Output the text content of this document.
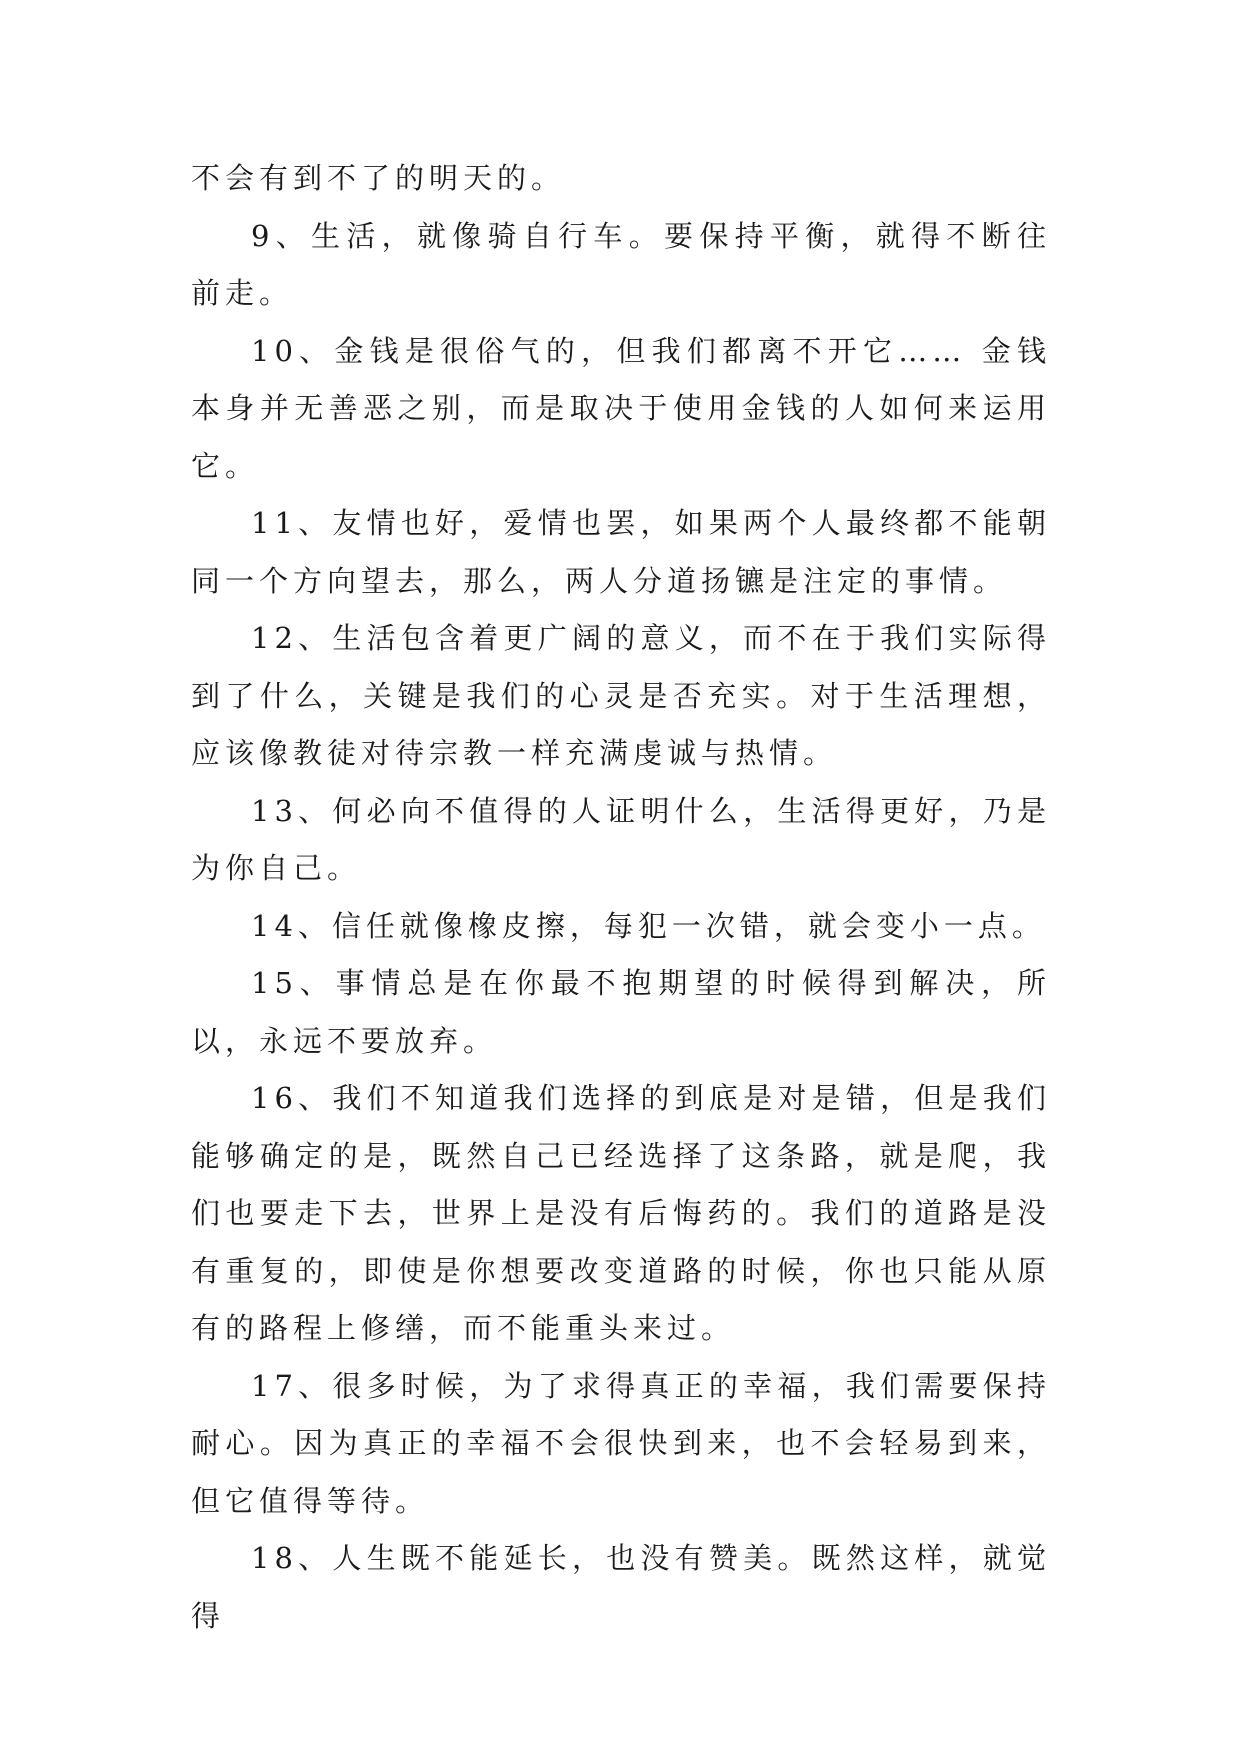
不会有到不了的明天的。

9、生活，就像骑自行车。要保持平衡，就得不断往前走。

10、金钱是很俗气的，但我们都离不开它…… 金钱本身并无善恶之别，而是取决于使用金钱的人如何来运用它。

11、友情也好，爱情也罢，如果两个人最终都不能朝同一个方向望去，那么，两人分道扬镳是注定的事情。

12、生活包含着更广阔的意义，而不在于我们实际得到了什么，关键是我们的心灵是否充实。对于生活理想，应该像教徒对待宗教一样充满虔诚与热情。

13、何必向不值得的人证明什么，生活得更好，乃是为你自己。

14、信任就像橡皮擦，每犯一次错，就会变小一点。

15、事情总是在你最不抱期望的时候得到解决，所以，永远不要放弃。

16、我们不知道我们选择的到底是对是错，但是我们能够确定的是，既然自己已经选择了这条路，就是爬，我们也要走下去，世界上是没有后悔药的。我们的道路是没有重复的，即使是你想要改变道路的时候，你也只能从原有的路程上修缮，而不能重头来过。

17、很多时候，为了求得真正的幸福，我们需要保持耐心。因为真正的幸福不会很快到来，也不会轻易到来，但它值得等待。

18、人生既不能延长，也没有赞美。既然这样，就觉得
